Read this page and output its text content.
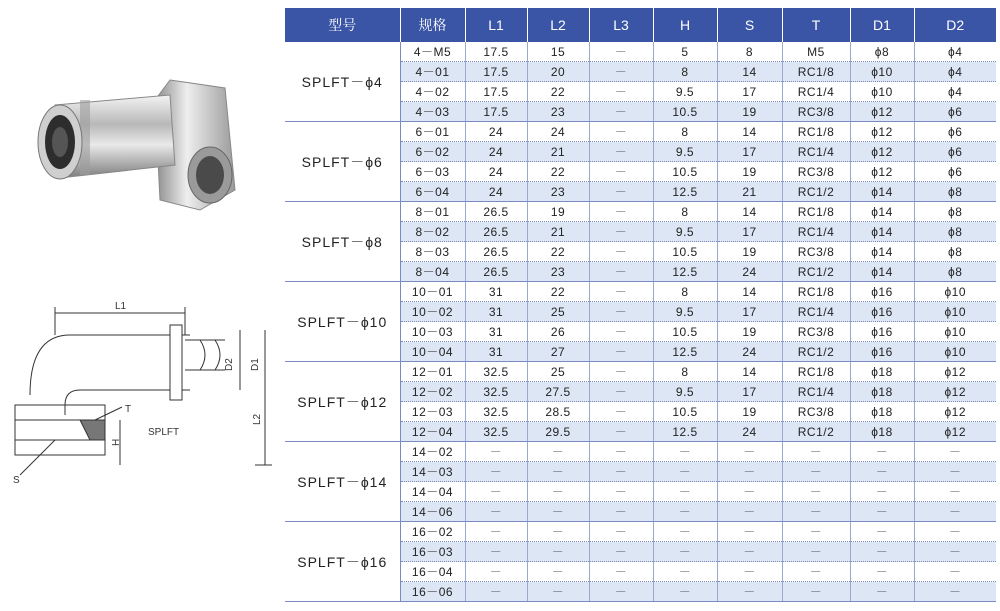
L1
D2 D1
L2
T
H
S
SPLFT
型号	规格	L1	L2	L3	H	S	T	D1	D2
SPLFT－ϕ4	4－M5	17.5	15	－	5	8	M5	ϕ8	ϕ4
	4－01	17.5	20	－	8	14	RC1/8	ϕ10	ϕ4
	4－02	17.5	22	－	9.5	17	RC1/4	ϕ10	ϕ4
	4－03	17.5	23	－	10.5	19	RC3/8	ϕ12	ϕ6
SPLFT－ϕ6	6－01	24	24	－	8	14	RC1/8	ϕ12	ϕ6
	6－02	24	21	－	9.5	17	RC1/4	ϕ12	ϕ6
	6－03	24	22	－	10.5	19	RC3/8	ϕ12	ϕ6
	6－04	24	23	－	12.5	21	RC1/2	ϕ14	ϕ8
SPLFT－ϕ8	8－01	26.5	19	－	8	14	RC1/8	ϕ14	ϕ8
	8－02	26.5	21	－	9.5	17	RC1/4	ϕ14	ϕ8
	8－03	26.5	22	－	10.5	19	RC3/8	ϕ14	ϕ8
	8－04	26.5	23	－	12.5	24	RC1/2	ϕ14	ϕ8
SPLFT－ϕ10	10－01	31	22	－	8	14	RC1/8	ϕ16	ϕ10
	10－02	31	25	－	9.5	17	RC1/4	ϕ16	ϕ10
	10－03	31	26	－	10.5	19	RC3/8	ϕ16	ϕ10
	10－04	31	27	－	12.5	24	RC1/2	ϕ16	ϕ10
SPLFT－ϕ12	12－01	32.5	25	－	8	14	RC1/8	ϕ18	ϕ12
	12－02	32.5	27.5	－	9.5	17	RC1/4	ϕ18	ϕ12
	12－03	32.5	28.5	－	10.5	19	RC3/8	ϕ18	ϕ12
	12－04	32.5	29.5	－	12.5	24	RC1/2	ϕ18	ϕ12
SPLFT－ϕ14	14－02	－	－	－	－	－	－	－	－
	14－03	－	－	－	－	－	－	－	－
	14－04	－	－	－	－	－	－	－	－
	14－06	－	－	－	－	－	－	－	－
SPLFT－ϕ16	16－02	－	－	－	－	－	－	－	－
	16－03	－	－	－	－	－	－	－	－
	16－04	－	－	－	－	－	－	－	－
	16－06	－	－	－	－	－	－	－	－
